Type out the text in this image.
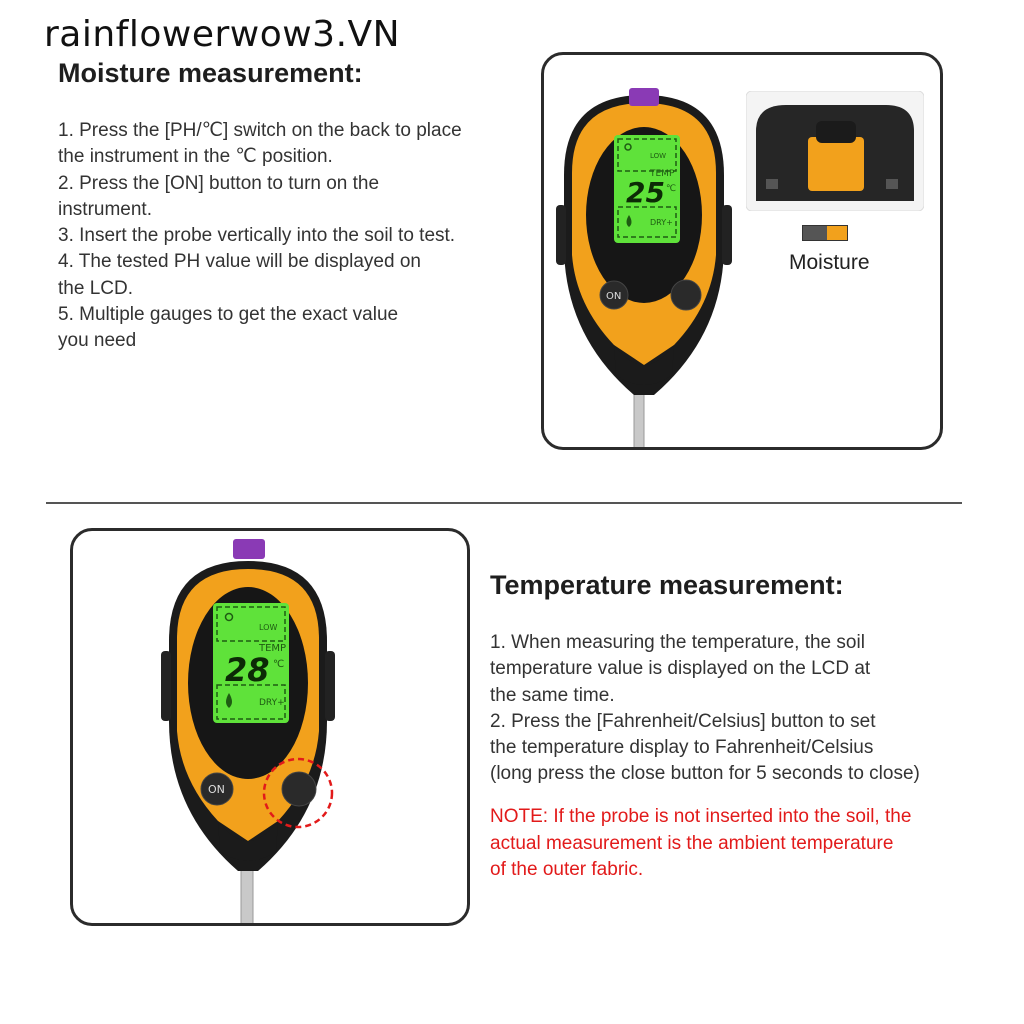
rainflowerwow3.VN
Moisture measurement:
1. Press the [PH/℃] switch on the back to place
the instrument in the ℃ position.
2. Press the [ON] button to turn on the
instrument.
3. Insert the probe vertically into the soil to test.
4. The tested PH value will be displayed on
the LCD.
5. Multiple gauges to get the exact value
you need
LOW
TEMP
25 ℃
DRY+
ON
Moisture
LOW
TEMP
28 ℃
DRY+
ON
Temperature measurement:
1. When measuring the temperature, the soil
temperature value is displayed on the LCD at
the same time.
2. Press the [Fahrenheit/Celsius] button to set
the temperature display to Fahrenheit/Celsius
(long press the close button for 5 seconds to close)
NOTE: If the probe is not inserted into the soil, the
actual measurement is the ambient temperature
of the outer fabric.
